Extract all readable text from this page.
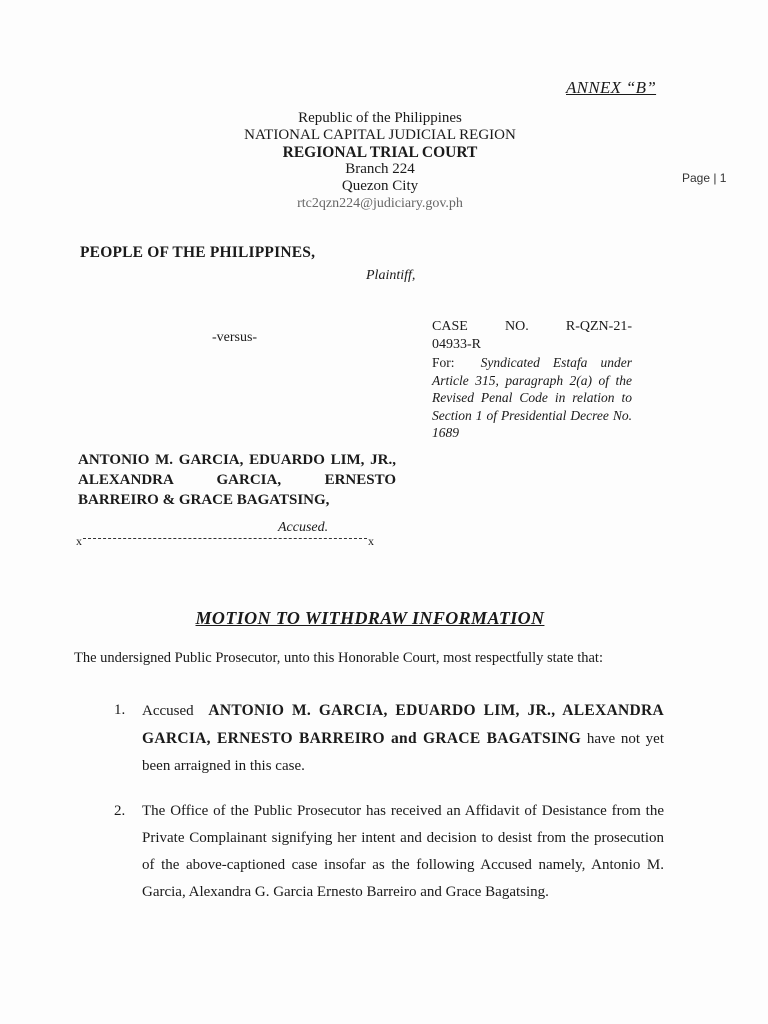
ANNEX “B”
Page | 1
Republic of the Philippines
NATIONAL CAPITAL JUDICIAL REGION
REGIONAL TRIAL COURT
Branch 224
Quezon City
rtc2qzn224@judiciary.gov.ph
PEOPLE OF THE PHILIPPINES,
Plaintiff,
-versus-
CASE NO. R-QZN-21-
04933-R
For: Syndicated Estafa under Article 315, paragraph 2(a) of the Revised Penal Code in relation to Section 1 of Presidential Decree No. 1689
ANTONIO M. GARCIA, EDUARDO LIM, JR., ALEXANDRA GARCIA, ERNESTO BARREIRO & GRACE BAGATSING,
Accused.
x	x
MOTION TO WITHDRAW INFORMATION
The undersigned Public Prosecutor, unto this Honorable Court, most respectfully state that:
1. Accused ANTONIO M. GARCIA, EDUARDO LIM, JR., ALEXANDRA GARCIA, ERNESTO BARREIRO and GRACE BAGATSING have not yet been arraigned in this case.
2. The Office of the Public Prosecutor has received an Affidavit of Desistance from the Private Complainant signifying her intent and decision to desist from the prosecution of the above-captioned case insofar as the following Accused namely, Antonio M. Garcia, Alexandra G. Garcia Ernesto Barreiro and Grace Bagatsing.
